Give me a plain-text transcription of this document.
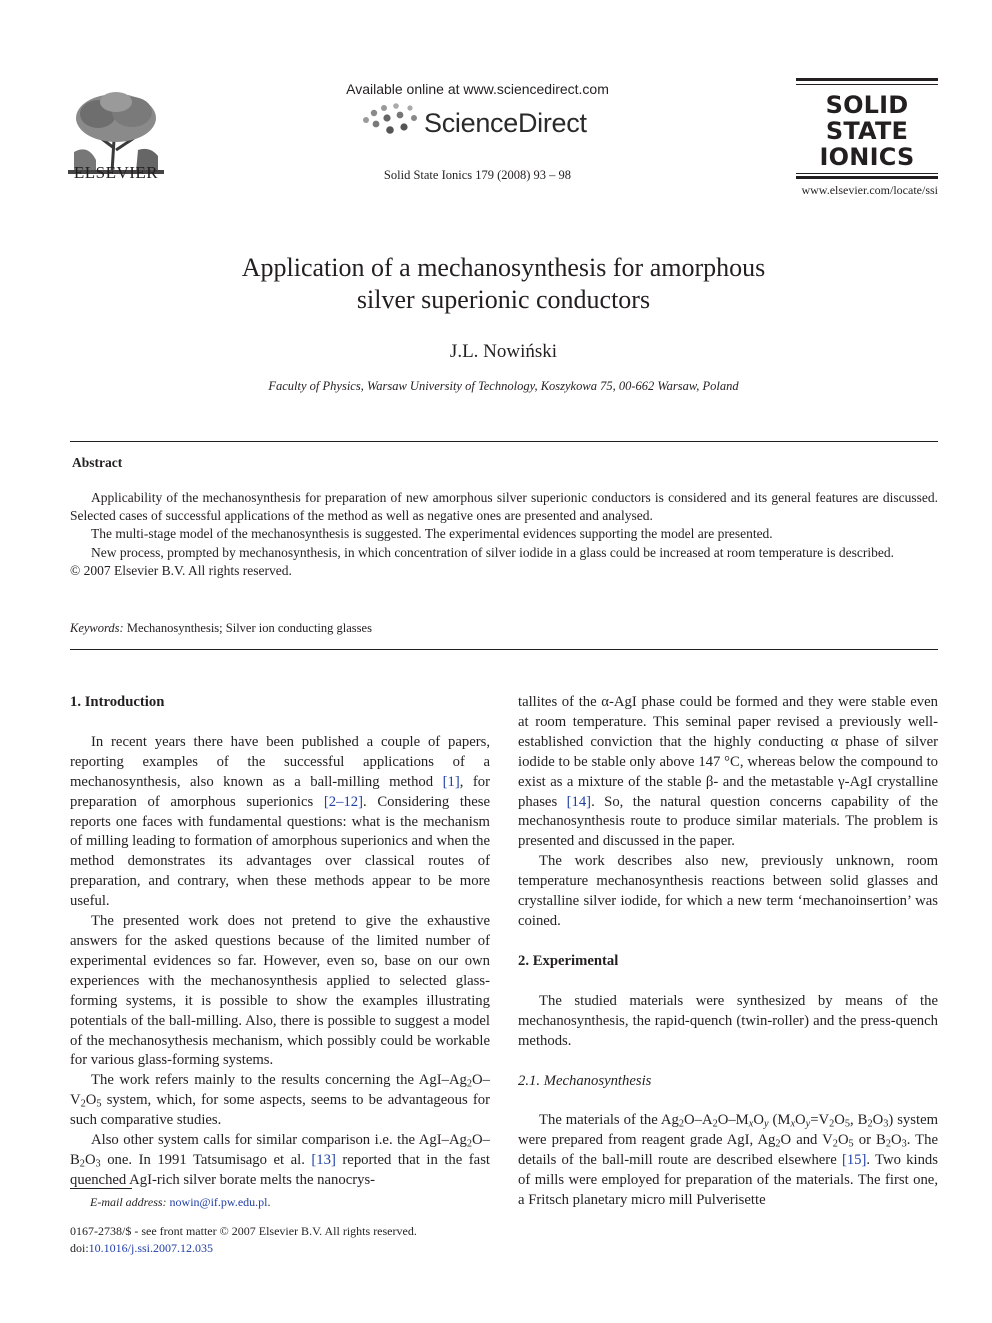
ELSEVIER
Available online at www.sciencedirect.com
ScienceDirect
Solid State Ionics 179 (2008) 93 – 98
SOLID
STATE
IONICS
www.elsevier.com/locate/ssi
Application of a mechanosynthesis for amorphous
silver superionic conductors
J.L. Nowiński
Faculty of Physics, Warsaw University of Technology, Koszykowa 75, 00-662 Warsaw, Poland
Abstract

Applicability of the mechanosynthesis for preparation of new amorphous silver superionic conductors is considered and its general features are discussed. Selected cases of successful applications of the method as well as negative ones are presented and analysed.

The multi-stage model of the mechanosynthesis is suggested. The experimental evidences supporting the model are presented.

New process, prompted by mechanosynthesis, in which concentration of silver iodide in a glass could be increased at room temperature is described.

© 2007 Elsevier B.V. All rights reserved.

Keywords: Mechanosynthesis; Silver ion conducting glasses
1. Introduction

In recent years there have been published a couple of papers, reporting examples of the successful applications of a mechanosynthesis, also known as a ball-milling method [1], for preparation of amorphous superionics [2–12]. Considering these reports one faces with fundamental questions: what is the mechanism of milling leading to formation of amorphous superionics and when the method demonstrates its advantages over classical routes of preparation, and contrary, when these methods appear to be more useful.

The presented work does not pretend to give the exhaustive answers for the asked questions because of the limited number of experimental evidences so far. However, even so, base on our own experiences with the mechanosynthesis applied to selected glass-forming systems, it is possible to show the examples illustrating potentials of the ball-milling. Also, there is possible to suggest a model of the mechanosythesis mechanism, which possibly could be workable for various glass-forming systems.

The work refers mainly to the results concerning the AgI–$Ag_2O-V_2O_5$ system, which, for some aspects, seems to be advantageous for such comparative studies.

Also other system calls for similar comparison i.e. the AgI–$Ag_2O-B_2O_3$ one. In 1991 Tatsumisago et al. [13] reported that in the fast quenched AgI-rich silver borate melts the nanocrys-

tallites of the α-AgI phase could be formed and they were stable even at room temperature. This seminal paper revised a previously well-established conviction that the highly conducting α phase of silver iodide to be stable only above 147 °C, whereas below the compound to exist as a mixture of the stable β- and the metastable γ-AgI crystalline phases [14]. So, the natural question concerns capability of the mechanosynthesis route to produce similar materials. The problem is presented and discussed in the paper.

The work describes also new, previously unknown, room temperature mechanosynthesis reactions between solid glasses and crystalline silver iodide, for which a new term ‘mechanoinsertion’ was coined.

2. Experimental

The studied materials were synthesized by means of the mechanosynthesis, the rapid-quench (twin-roller) and the press-quench methods.

2.1. Mechanosynthesis

The materials of the $Ag_2O-A_2O-M_xO_y$ ($M_xO_y=V_2O_5$, $B_2O_3$) system were prepared from reagent grade AgI, $Ag_2O$ and $V_2O_5$ or $B_2O_3$. The details of the ball-mill route are described elsewhere [15]. Two kinds of mills were employed for preparation of the materials. The first one, a Fritsch planetary micro mill Pulverisette

E-mail address: nowin@if.pw.edu.pl.
0167-2738/$ - see front matter © 2007 Elsevier B.V. All rights reserved.
doi:10.1016/j.ssi.2007.12.035
